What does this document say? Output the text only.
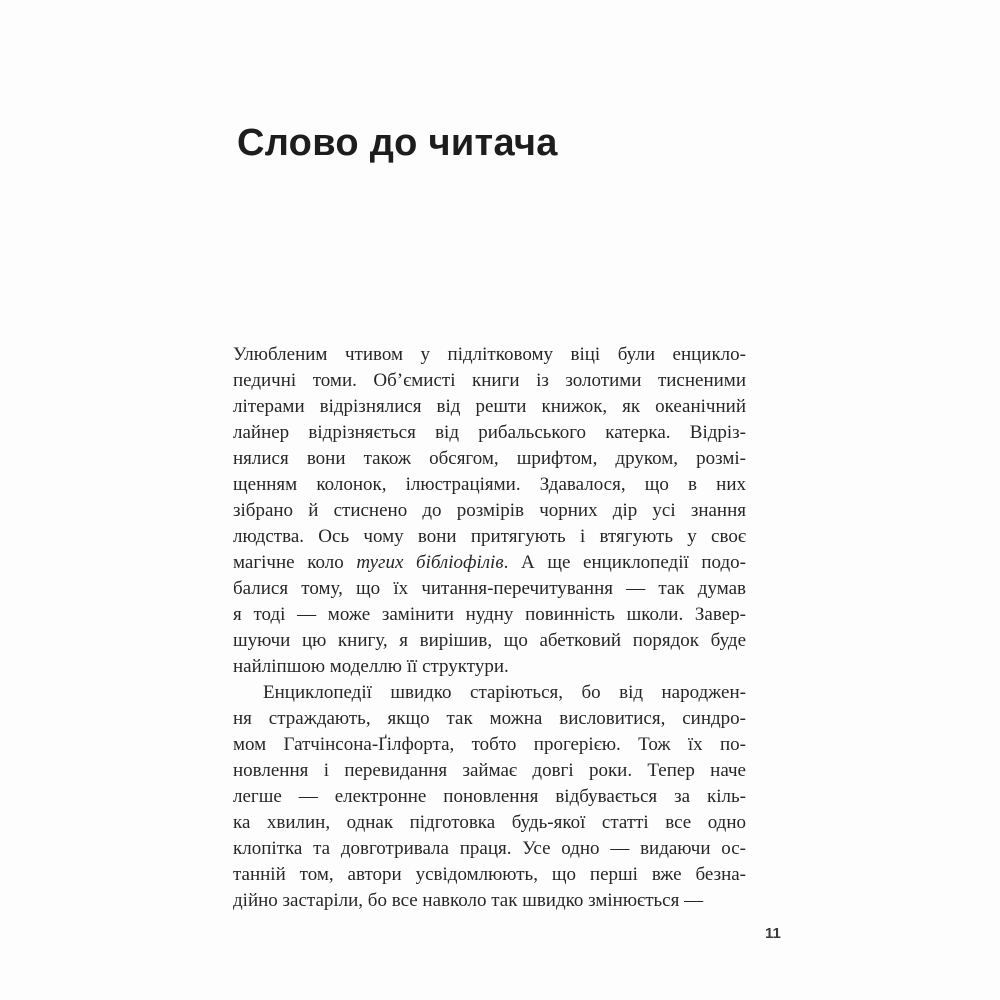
Слово до читача
Улюбленим чтивом у підлітковому віці були енцикло-
педичні томи. Об’ємисті книги із золотими тисненими
літерами відрізнялися від решти книжок, як океанічний
лайнер відрізняється від рибальського катерка. Відріз-
нялися вони також обсягом, шрифтом, друком, розмі-
щенням колонок, ілюстраціями. Здавалося, що в них
зібрано й стиснено до розмірів чорних дір усі знання
людства. Ось чому вони притягують і втягують у своє
магічне коло тугих бібліофілів. А ще енциклопедії подо-
балися тому, що їх читання-перечитування — так думав
я тоді — може замінити нудну повинність школи. Завер-
шуючи цю книгу, я вирішив, що абетковий порядок буде
найліпшою моделлю її структури.
Енциклопедії швидко старіються, бо від народжен-
ня страждають, якщо так можна висловитися, синдро-
мом Гатчінсона-Ґілфорта, тобто прогерією. Тож їх по-
новлення і перевидання займає довгі роки. Тепер наче
легше — електронне поновлення відбувається за кіль-
ка хвилин, однак підготовка будь-якої статті все одно
клопітка та довготривала праця. Усе одно — видаючи ос-
танній том, автори усвідомлюють, що перші вже безна-
дійно застаріли, бо все навколо так швидко змінюється —
11
